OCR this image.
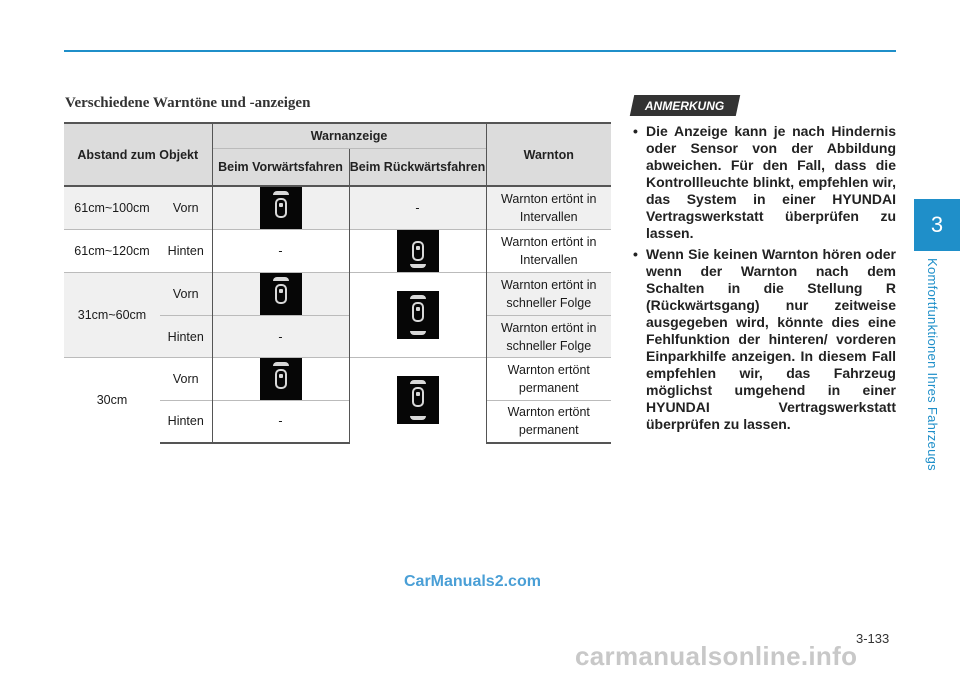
Verschiedene Warntöne und -anzeigen
Abstand zum Objekt		Warnanzeige		Warnton
		Beim Vorwärtsfahren	Beim Rückwärtsfahren	
61cm~100cm	Vorn		-	Warnton ertönt in Intervallen
61cm~120cm	Hinten	-		Warnton ertönt in Intervallen
31cm~60cm	Vorn			Warnton ertönt in schneller Folge
	Hinten	-		Warnton ertönt in schneller Folge
30cm	Vorn			Warnton ertönt permanent
	Hinten	-		Warnton ertönt permanent
ANMERKUNG
• Die Anzeige kann je nach Hindernis oder Sensor von der Abbildung abweichen. Für den Fall, dass die Kontrollleuchte blinkt, empfehlen wir, das System in einer HYUNDAI Vertragswerkstatt überprüfen zu lassen.
• Wenn Sie keinen Warnton hören oder wenn der Warnton nach dem Schalten in die Stellung R (Rückwärtsgang) nur zeitweise ausgegeben wird, könnte dies eine Fehlfunktion der hinteren/ vorderen Einparkhilfe anzeigen. In diesem Fall empfehlen wir, das Fahrzeug möglichst umgehend in einer HYUNDAI Vertragswerkstatt überprüfen zu lassen.
3
Komfortfunktionen Ihres Fahrzeugs
3-133
CarManuals2.com
carmanualsonline.info
